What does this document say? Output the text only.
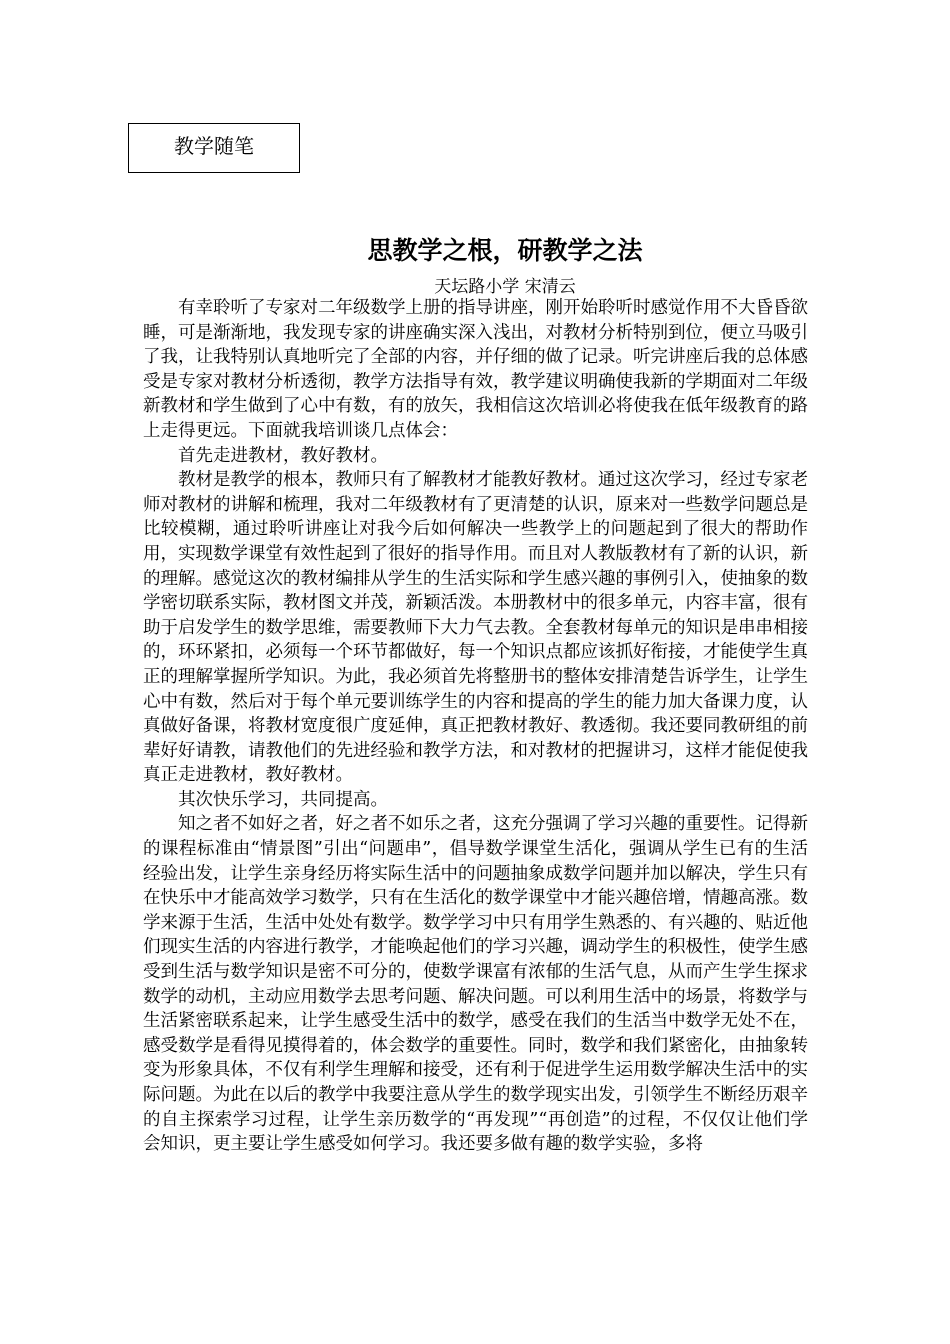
教学随笔
思教学之根，研教学之法
天坛路小学 宋清云

有幸聆听了专家对二年级数学上册的指导讲座，刚开始聆听时感觉作用不大昏昏欲睡，可是渐渐地，我发现专家的讲座确实深入浅出，对教材分析特别到位，便立马吸引了我，让我特别认真地听完了全部的内容，并仔细的做了记录。听完讲座后我的总体感受是专家对教材分析透彻，教学方法指导有效，教学建议明确使我新的学期面对二年级新教材和学生做到了心中有数，有的放矢，我相信这次培训必将使我在低年级教育的路上走得更远。下面就我培训谈几点体会：

首先走进教材，教好教材。

教材是教学的根本，教师只有了解教材才能教好教材。通过这次学习，经过专家老师对教材的讲解和梳理，我对二年级教材有了更清楚的认识，原来对一些数学问题总是比较模糊，通过聆听讲座让对我今后如何解决一些教学上的问题起到了很大的帮助作用，实现数学课堂有效性起到了很好的指导作用。而且对人教版教材有了新的认识，新的理解。感觉这次的教材编排从学生的生活实际和学生感兴趣的事例引入，使抽象的数学密切联系实际，教材图文并茂，新颖活泼。本册教材中的很多单元，内容丰富，很有助于启发学生的数学思维，需要教师下大力气去教。全套教材每单元的知识是串串相接的，环环紧扣，必须每一个环节都做好，每一个知识点都应该抓好衔接，才能使学生真正的理解掌握所学知识。为此，我必须首先将整册书的整体安排清楚告诉学生，让学生心中有数，然后对于每个单元要训练学生的内容和提高的学生的能力加大备课力度，认真做好备课，将教材宽度很广度延伸，真正把教材教好、教透彻。我还要同教研组的前辈好好请教，请教他们的先进经验和教学方法，和对教材的把握讲习，这样才能促使我真正走进教材，教好教材。

其次快乐学习，共同提高。

知之者不如好之者，好之者不如乐之者，这充分强调了学习兴趣的重要性。记得新的课程标准由“情景图”引出“问题串”，倡导数学课堂生活化，强调从学生已有的生活经验出发，让学生亲身经历将实际生活中的问题抽象成数学问题并加以解决，学生只有在快乐中才能高效学习数学，只有在生活化的数学课堂中才能兴趣倍增，情趣高涨。数学来源于生活，生活中处处有数学。数学学习中只有用学生熟悉的、有兴趣的、贴近他们现实生活的内容进行教学，才能唤起他们的学习兴趣，调动学生的积极性，使学生感受到生活与数学知识是密不可分的，使数学课富有浓郁的生活气息，从而产生学生探求数学的动机，主动应用数学去思考问题、解决问题。可以利用生活中的场景，将数学与生活紧密联系起来，让学生感受生活中的数学，感受在我们的生活当中数学无处不在，感受数学是看得见摸得着的，体会数学的重要性。同时，数学和我们紧密化，由抽象转变为形象具体，不仅有利学生理解和接受，还有利于促进学生运用数学解决生活中的实际问题。为此在以后的教学中我要注意从学生的数学现实出发，引领学生不断经历艰辛的自主探索学习过程，让学生亲历数学的“再发现”“再创造”的过程，不仅仅让他们学会知识，更主要让学生感受如何学习。我还要多做有趣的数学实验，多将
